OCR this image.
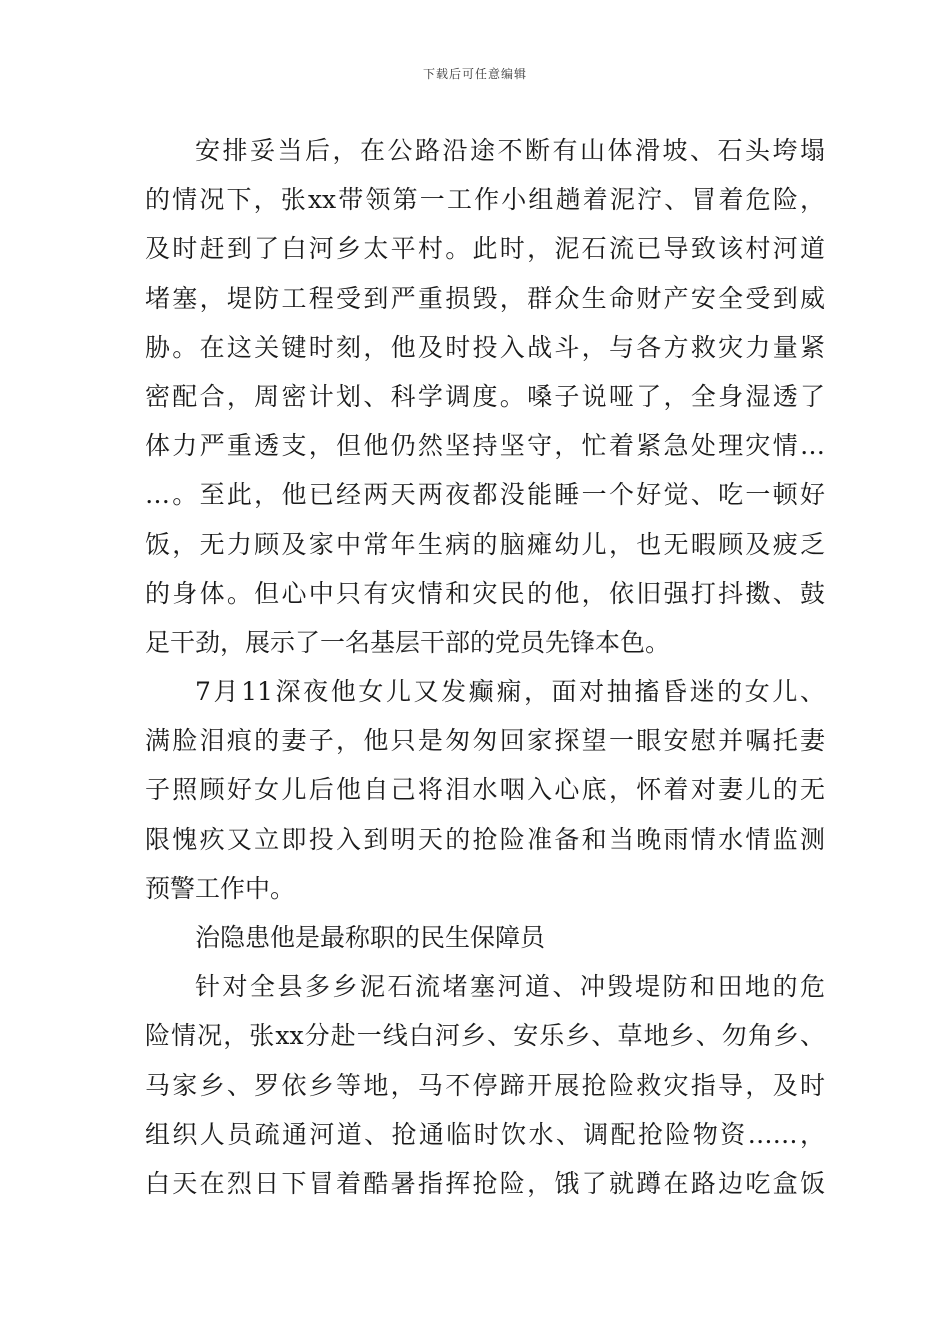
下载后可任意编辑
安排妥当后，在公路沿途不断有山体滑坡、石头垮塌
的情况下，张xx带领第一工作小组趟着泥泞、冒着危险，
及时赶到了白河乡太平村。此时，泥石流已导致该村河道
堵塞，堤防工程受到严重损毁，群众生命财产安全受到威
胁。在这关键时刻，他及时投入战斗，与各方救灾力量紧
密配合，周密计划、科学调度。嗓子说哑了，全身湿透了
体力严重透支，但他仍然坚持坚守，忙着紧急处理灾情…
…。至此，他已经两天两夜都没能睡一个好觉、吃一顿好
饭，无力顾及家中常年生病的脑瘫幼儿，也无暇顾及疲乏
的身体。但心中只有灾情和灾民的他，依旧强打抖擞、鼓
足干劲，展示了一名基层干部的党员先锋本色。
7月11深夜他女儿又发癫痫，面对抽搐昏迷的女儿、
满脸泪痕的妻子，他只是匆匆回家探望一眼安慰并嘱托妻
子照顾好女儿后他自己将泪水咽入心底，怀着对妻儿的无
限愧疚又立即投入到明天的抢险准备和当晚雨情水情监测
预警工作中。
治隐患他是最称职的民生保障员
针对全县多乡泥石流堵塞河道、冲毁堤防和田地的危
险情况，张xx分赴一线白河乡、安乐乡、草地乡、勿角乡、
马家乡、罗依乡等地，马不停蹄开展抢险救灾指导，及时
组织人员疏通河道、抢通临时饮水、调配抢险物资……，
白天在烈日下冒着酷暑指挥抢险，饿了就蹲在路边吃盒饭
